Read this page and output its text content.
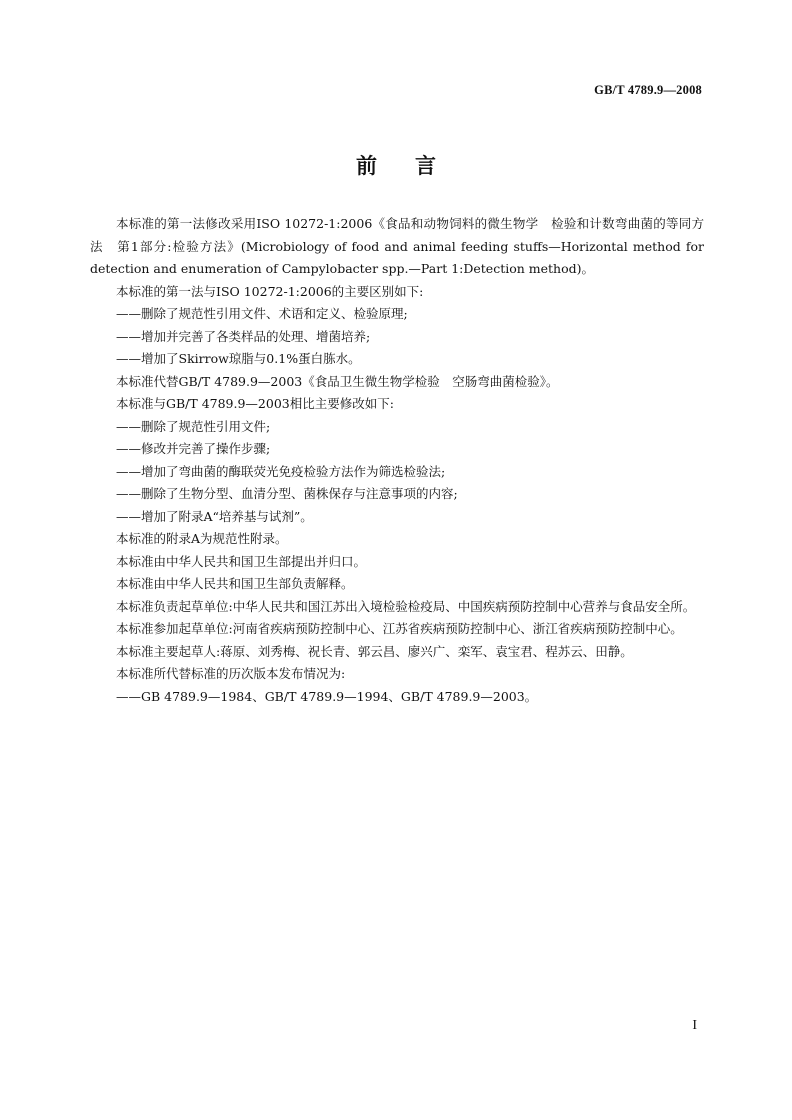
GB/T 4789.9—2008
前言

本标准的第一法修改采用ISO 10272-1:2006《食品和动物饲料的微生物学　检验和计数弯曲菌的等同方法　第1部分:检验方法》(Microbiology of food and animal feeding stuffs—Horizontal method for detection and enumeration of Campylobacter spp.—Part 1:Detection method)。

本标准的第一法与ISO 10272-1:2006的主要区别如下:

——删除了规范性引用文件、术语和定义、检验原理;

——增加并完善了各类样品的处理、增菌培养;

——增加了Skirrow琼脂与0.1%蛋白胨水。

本标准代替GB/T 4789.9—2003《食品卫生微生物学检验　空肠弯曲菌检验》。

本标准与GB/T 4789.9—2003相比主要修改如下:

——删除了规范性引用文件;

——修改并完善了操作步骤;

——增加了弯曲菌的酶联荧光免疫检验方法作为筛选检验法;

——删除了生物分型、血清分型、菌株保存与注意事项的内容;

——增加了附录A“培养基与试剂”。

本标准的附录A为规范性附录。

本标准由中华人民共和国卫生部提出并归口。

本标准由中华人民共和国卫生部负责解释。

本标准负责起草单位:中华人民共和国江苏出入境检验检疫局、中国疾病预防控制中心营养与食品安全所。

本标准参加起草单位:河南省疾病预防控制中心、江苏省疾病预防控制中心、浙江省疾病预防控制中心。

本标准主要起草人:蒋原、刘秀梅、祝长青、郭云昌、廖兴广、栾军、袁宝君、程苏云、田静。

本标准所代替标准的历次版本发布情况为:

——GB 4789.9—1984、GB/T 4789.9—1994、GB/T 4789.9—2003。

I
